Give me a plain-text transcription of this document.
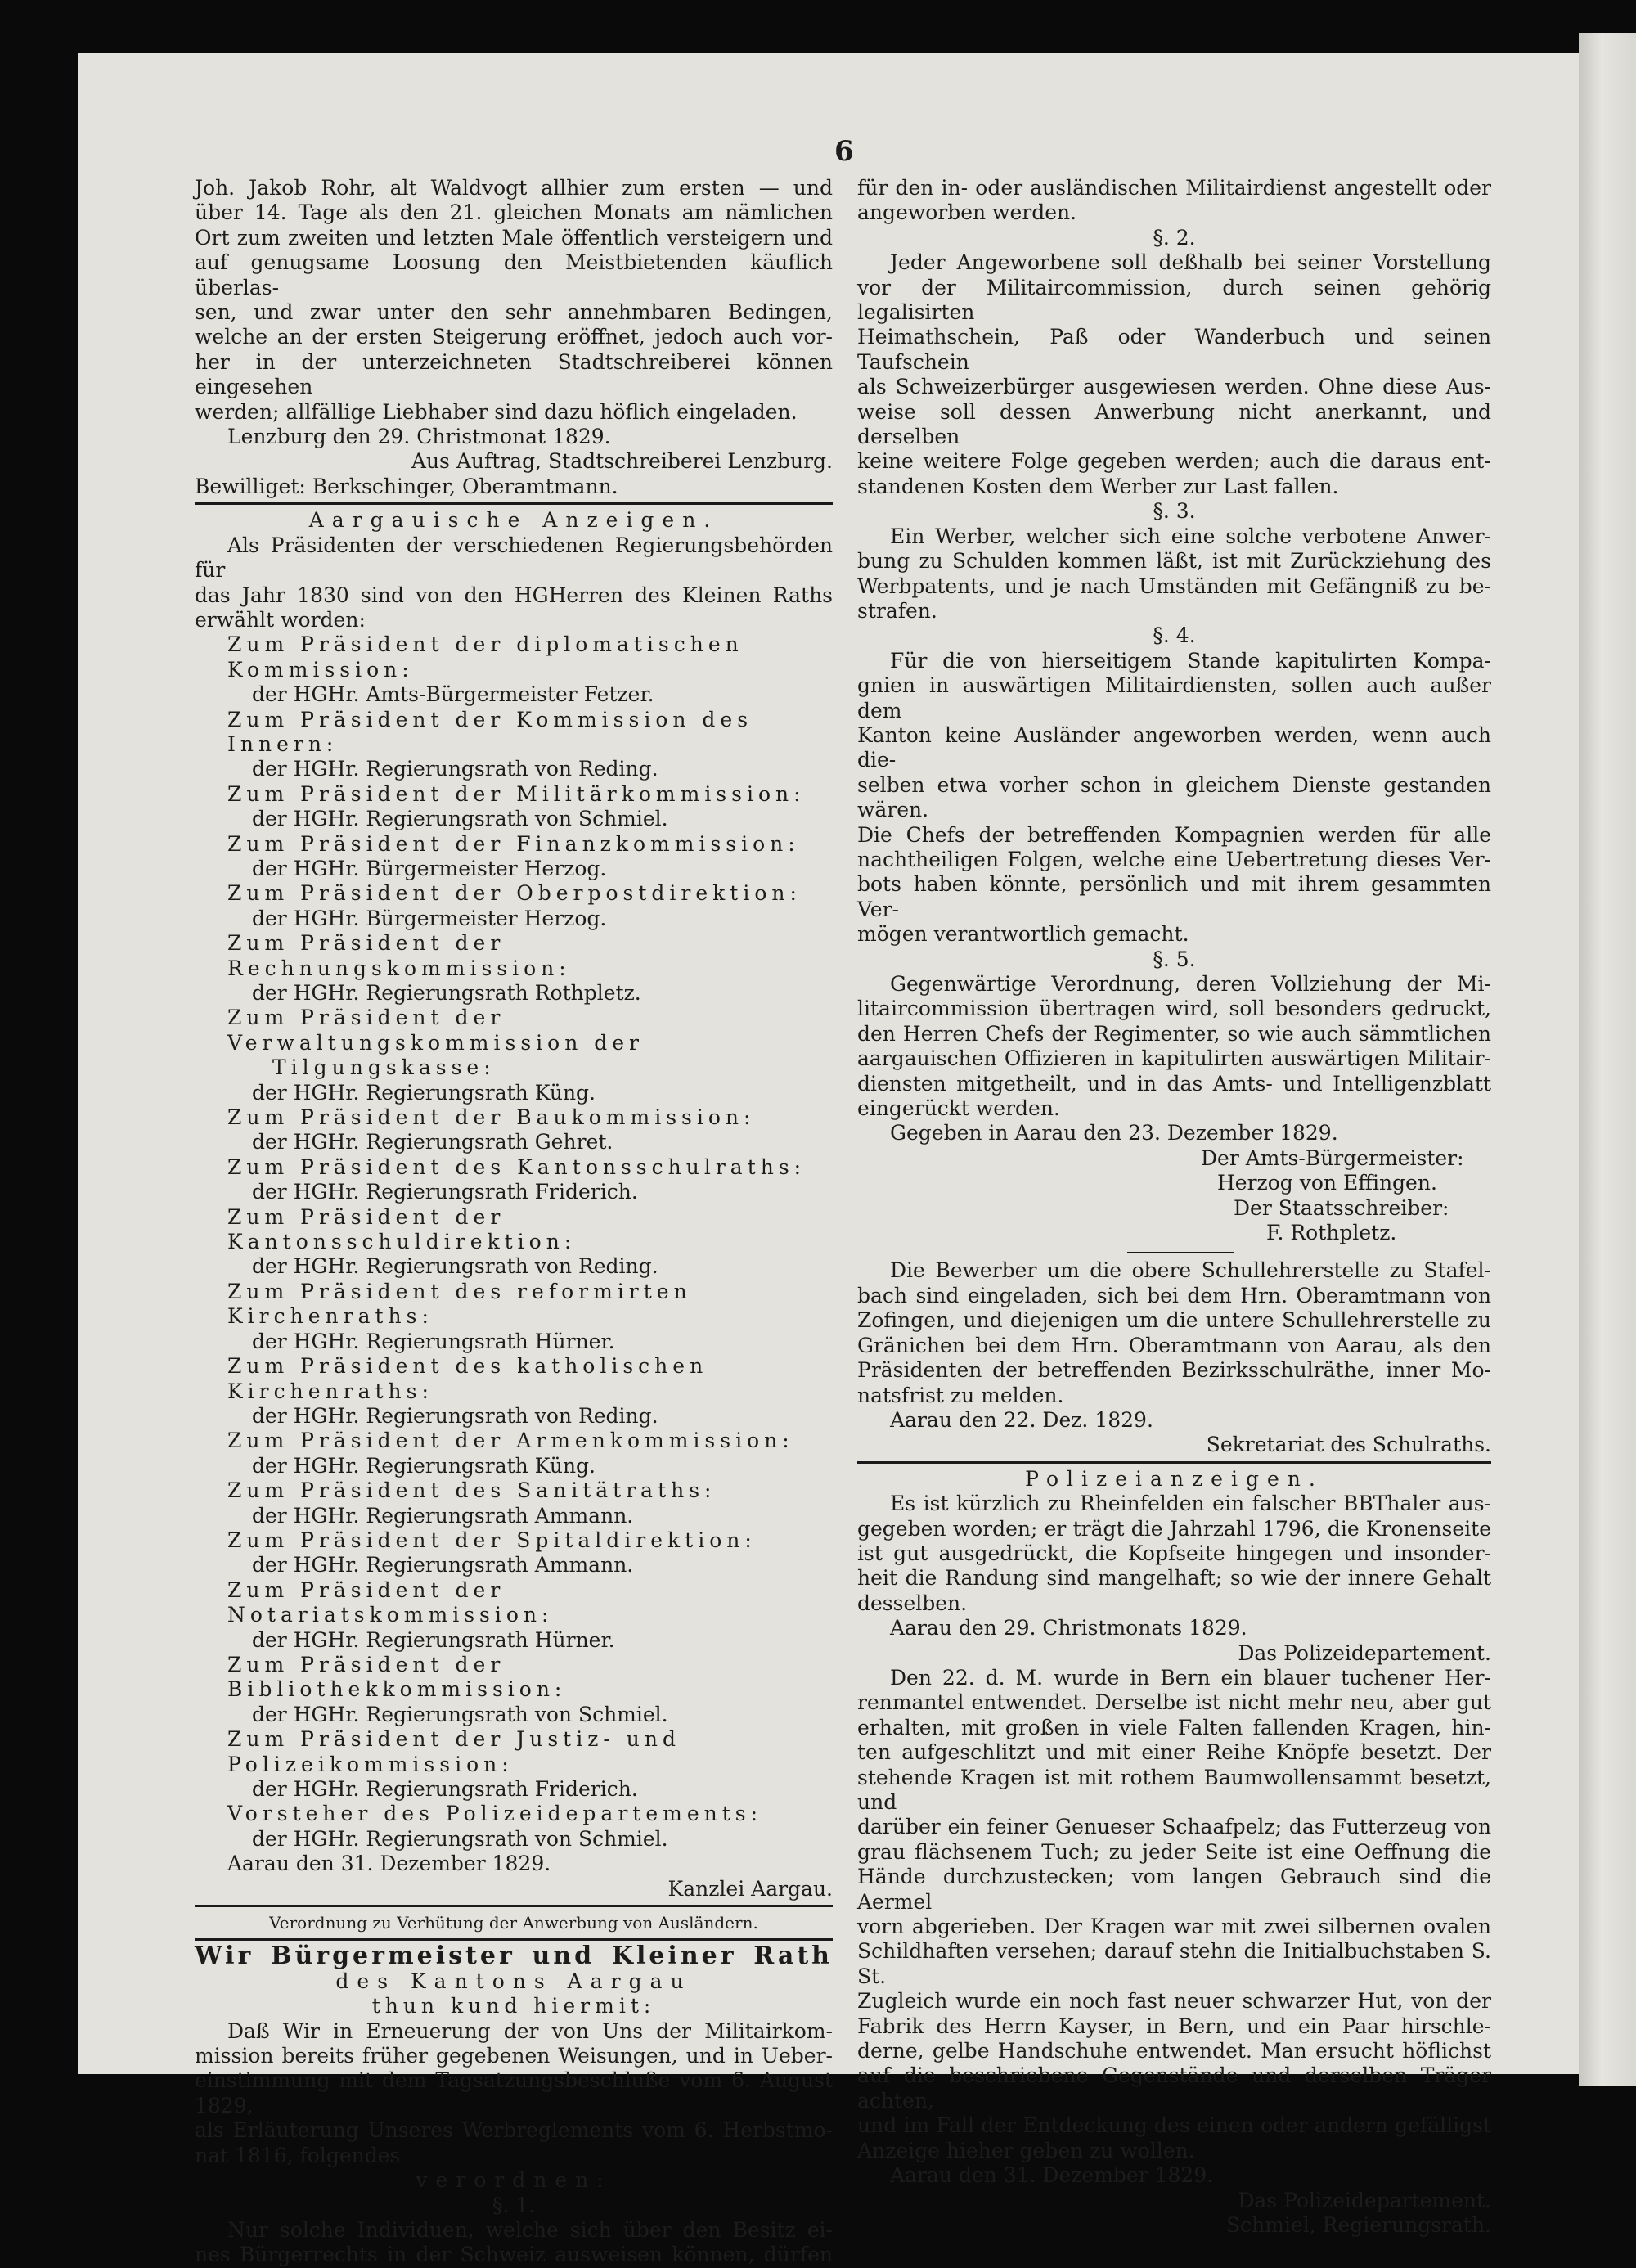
6

Joh. Jakob Rohr, alt Waldvogt allhier zum ersten — und

über 14. Tage als den 21. gleichen Monats am nämlichen

Ort zum zweiten und letzten Male öffentlich versteigern und

auf genugsame Loosung den Meistbietenden käuflich überlas-

sen, und zwar unter den sehr annehmbaren Bedingen,

welche an der ersten Steigerung eröffnet, jedoch auch vor-

her in der unterzeichneten Stadtschreiberei können eingesehen

werden; allfällige Liebhaber sind dazu höflich eingeladen.

Lenzburg den 29. Christmonat 1829.

Aus Auftrag, Stadtschreiberei Lenzburg.

Bewilliget: Berkschinger, Oberamtmann.

Aargauische Anzeigen.

Als Präsidenten der verschiedenen Regierungsbehörden für

das Jahr 1830 sind von den HGHerren des Kleinen Raths

erwählt worden:

Zum Präsident der diplomatischen Kommission:

der HGHr. Amts-Bürgermeister Fetzer.

Zum Präsident der Kommission des Innern:

der HGHr. Regierungsrath von Reding.

Zum Präsident der Militärkommission:

der HGHr. Regierungsrath von Schmiel.

Zum Präsident der Finanzkommission:

der HGHr. Bürgermeister Herzog.

Zum Präsident der Oberpostdirektion:

der HGHr. Bürgermeister Herzog.

Zum Präsident der Rechnungskommission:

der HGHr. Regierungsrath Rothpletz.

Zum Präsident der Verwaltungskommission der

Tilgungskasse:

der HGHr. Regierungsrath Küng.

Zum Präsident der Baukommission:

der HGHr. Regierungsrath Gehret.

Zum Präsident des Kantonsschulraths:

der HGHr. Regierungsrath Friderich.

Zum Präsident der Kantonsschuldirektion:

der HGHr. Regierungsrath von Reding.

Zum Präsident des reformirten Kirchenraths:

der HGHr. Regierungsrath Hürner.

Zum Präsident des katholischen Kirchenraths:

der HGHr. Regierungsrath von Reding.

Zum Präsident der Armenkommission:

der HGHr. Regierungsrath Küng.

Zum Präsident des Sanitätraths:

der HGHr. Regierungsrath Ammann.

Zum Präsident der Spitaldirektion:

der HGHr. Regierungsrath Ammann.

Zum Präsident der Notariatskommission:

der HGHr. Regierungsrath Hürner.

Zum Präsident der Bibliothekkommission:

der HGHr. Regierungsrath von Schmiel.

Zum Präsident der Justiz- und Polizeikommission:

der HGHr. Regierungsrath Friderich.

Vorsteher des Polizeidepartements:

der HGHr. Regierungsrath von Schmiel.

Aarau den 31. Dezember 1829.

Kanzlei Aargau.

Verordnung zu Verhütung der Anwerbung von Ausländern.

Wir Bürgermeister und Kleiner Rath

des Kantons Aargau

thun kund hiermit:

Daß Wir in Erneuerung der von Uns der Militairkom-

mission bereits früher gegebenen Weisungen, und in Ueber-

einstimmung mit dem Tagsatzungsbeschluße vom 6. August 1829,

als Erläuterung Unseres Werbreglements vom 6. Herbstmo-

nat 1816, folgendes

verordnen:

§. 1.

Nur solche Individuen, welche sich über den Besitz ei-

nes Bürgerrechts in der Schweiz ausweisen können, dürfen

für den in- oder ausländischen Militairdienst angestellt oder

angeworben werden.

§. 2.

Jeder Angeworbene soll deßhalb bei seiner Vorstellung

vor der Militaircommission, durch seinen gehörig legalisirten

Heimathschein, Paß oder Wanderbuch und seinen Taufschein

als Schweizerbürger ausgewiesen werden. Ohne diese Aus-

weise soll dessen Anwerbung nicht anerkannt, und derselben

keine weitere Folge gegeben werden; auch die daraus ent-

standenen Kosten dem Werber zur Last fallen.

§. 3.

Ein Werber, welcher sich eine solche verbotene Anwer-

bung zu Schulden kommen läßt, ist mit Zurückziehung des

Werbpatents, und je nach Umständen mit Gefängniß zu be-

strafen.

§. 4.

Für die von hierseitigem Stande kapitulirten Kompa-

gnien in auswärtigen Militairdiensten, sollen auch außer dem

Kanton keine Ausländer angeworben werden, wenn auch die-

selben etwa vorher schon in gleichem Dienste gestanden wären.

Die Chefs der betreffenden Kompagnien werden für alle

nachtheiligen Folgen, welche eine Uebertretung dieses Ver-

bots haben könnte, persönlich und mit ihrem gesammten Ver-

mögen verantwortlich gemacht.

§. 5.

Gegenwärtige Verordnung, deren Vollziehung der Mi-

litaircommission übertragen wird, soll besonders gedruckt,

den Herren Chefs der Regimenter, so wie auch sämmtlichen

aargauischen Offizieren in kapitulirten auswärtigen Militair-

diensten mitgetheilt, und in das Amts- und Intelligenzblatt

eingerückt werden.

Gegeben in Aarau den 23. Dezember 1829.

Der Amts-Bürgermeister:

Herzog von Effingen.

Der Staatsschreiber:

F. Rothpletz.

Die Bewerber um die obere Schullehrerstelle zu Stafel-

bach sind eingeladen, sich bei dem Hrn. Oberamtmann von

Zofingen, und diejenigen um die untere Schullehrerstelle zu

Gränichen bei dem Hrn. Oberamtmann von Aarau, als den

Präsidenten der betreffenden Bezirksschulräthe, inner Mo-

natsfrist zu melden.

Aarau den 22. Dez. 1829.

Sekretariat des Schulraths.

Polizeianzeigen.

Es ist kürzlich zu Rheinfelden ein falscher BBThaler aus-

gegeben worden; er trägt die Jahrzahl 1796, die Kronenseite

ist gut ausgedrückt, die Kopfseite hingegen und insonder-

heit die Randung sind mangelhaft; so wie der innere Gehalt

desselben.

Aarau den 29. Christmonats 1829.

Das Polizeidepartement.

Den 22. d. M. wurde in Bern ein blauer tuchener Her-

renmantel entwendet. Derselbe ist nicht mehr neu, aber gut

erhalten, mit großen in viele Falten fallenden Kragen, hin-

ten aufgeschlitzt und mit einer Reihe Knöpfe besetzt. Der

stehende Kragen ist mit rothem Baumwollensammt besetzt, und

darüber ein feiner Genueser Schaafpelz; das Futterzeug von

grau flächsenem Tuch; zu jeder Seite ist eine Oeffnung die

Hände durchzustecken; vom langen Gebrauch sind die Aermel

vorn abgerieben. Der Kragen war mit zwei silbernen ovalen

Schildhaften versehen; darauf stehn die Initialbuchstaben S. St.

Zugleich wurde ein noch fast neuer schwarzer Hut, von der

Fabrik des Herrn Kayser, in Bern, und ein Paar hirschle-

derne, gelbe Handschuhe entwendet. Man ersucht höflichst

auf die beschriebene Gegenstände und derselben Träger achten,

und im Fall der Entdeckung des einen oder andern gefälligst

Anzeige hieher geben zu wollen.

Aarau den 31. Dezember 1829.

Das Polizeidepartement.

Schmiel, Regierungsrath.
